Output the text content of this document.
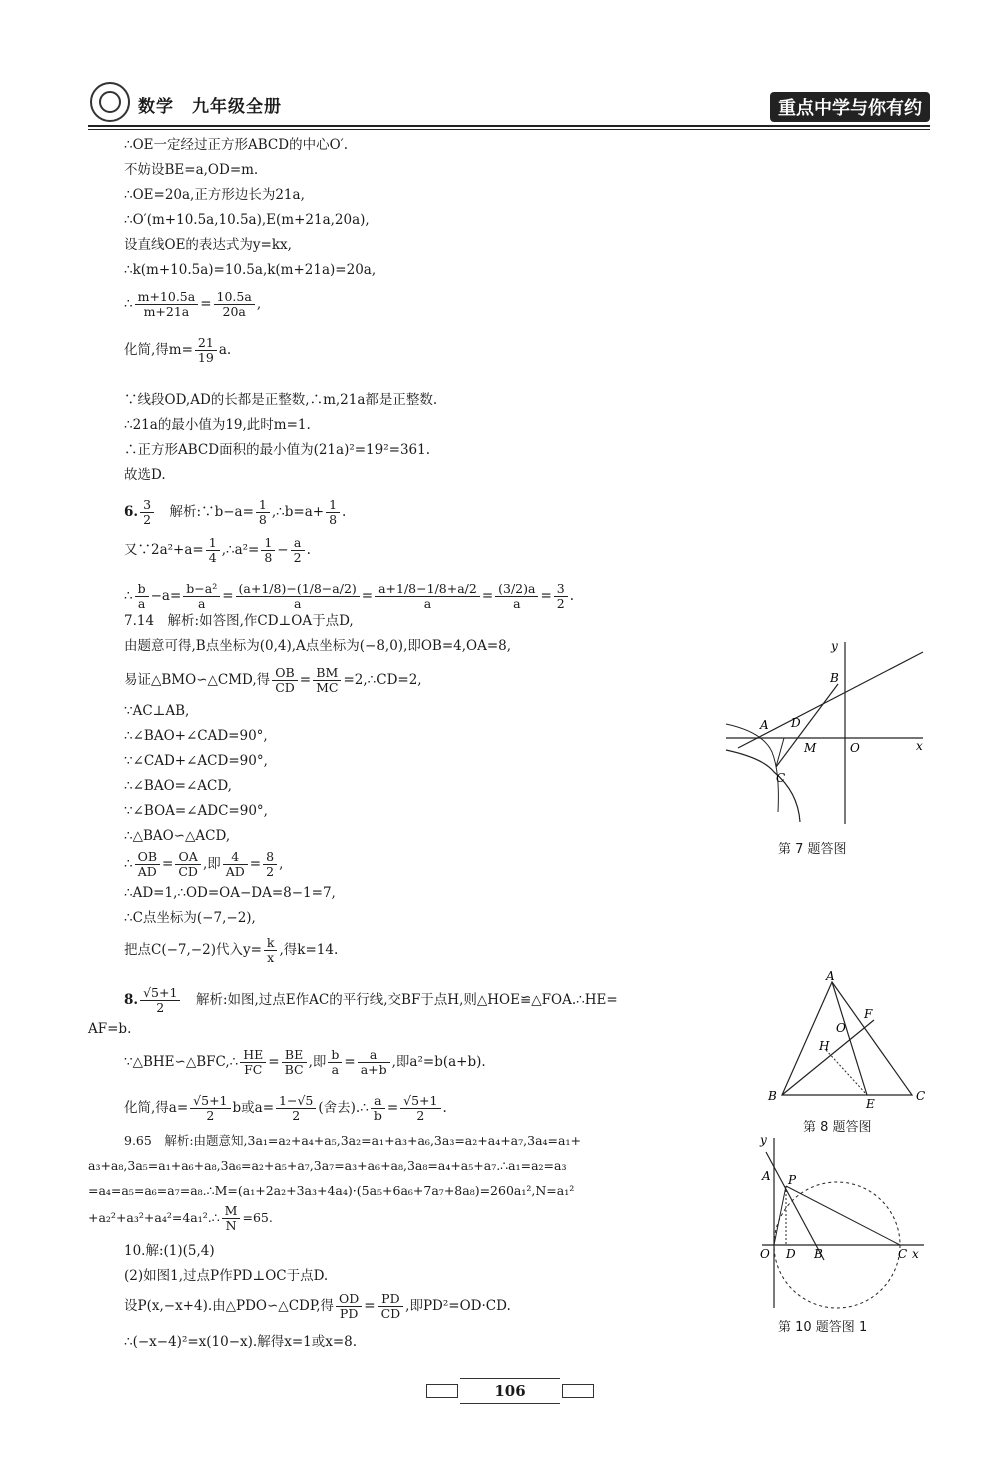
数学　九年级全册	重点中学与你有约
∴OE一定经过正方形ABCD的中心O′.
不妨设BE=a,OD=m.
∴OE=20a,正方形边长为21a,
∴O′(m+10.5a,10.5a),E(m+21a,20a),
设直线OE的表达式为y=kx,
∴k(m+10.5a)=10.5a,k(m+21a)=20a,
∴ $\frac{m+10.5a}{m+21a} = \frac{10.5a}{20a}$ ,
化简,得$m= \frac{21}{19} a$.
∵线段OD,AD的长都是正整数,∴m,21a都是正整数.
∴21a的最小值为19,此时m=1.
∴正方形ABCD面积的最小值为(21a)²=19²=361.
故选D.
6. $\frac{3}{2}$
　 解析:∵b−a= $\frac{1}{8}$ ,∴b=a+ $\frac{1}{8}$ .
又∵2a²+a= $\frac{1}{4}$ ,∴a²= $\frac{1}{8} - \frac{a}{2}$ .
∴ $\frac{b}{a} -a= \frac{\text{b−a²}}{a} = \frac{(a+1/8)-(1/8-a/2)}{a} = \frac{a+1/8-1/8+a/2}{a} = \frac{(3/2)a}{a} = \frac{3}{2}$ .
7.14　解析:如答图,作CD⊥OA于点D,
由题意可得,B点坐标为(0,4),A点坐标为(−8,0),即OB=4,OA=8,
易证△BMO∽△CMD,得 $\frac{OB}{CD} = \frac{BM}{MC}$ =2,∴CD=2,
∵AC⊥AB,
∴∠BAO+∠CAD=90°,
∵∠CAD+∠ACD=90°,
∴∠BAO=∠ACD,
∵∠BOA=∠ADC=90°,
∴△BAO∽△ACD,
∴ $\frac{OB}{AD} = \frac{OA}{CD}$ ,即 $\frac{4}{AD} = \frac{8}{2}$ ,
∴AD=1,∴OD=OA−DA=8−1=7,
∴C点坐标为(−7,−2),
把点C(−7,−2)代入$y= \frac{k}{x}$ ,得k=14.
8. $\frac{√5+1}{2}$
　 解析:如图,过点E作AC的平行线,交BF于点H,则△HOE≌△FOA.∴HE=
AF=b.
∵△BHE∽△BFC,∴ $\frac{HE}{FC} = \frac{BE}{BC}$ ,即 $\frac{b}{a} = \frac{a}{a+b}$ ,即a²=b(a+b).
化简,得$a= \frac{√5+1}{2}$ b或$a= \frac{1-√5}{2}$ (舍去).∴ $\frac{a}{b} = \frac{√5+1}{2}$ .
9.65　解析:由题意知,3a₁=a₂+a₄+a₅,3a₂=a₁+a₃+a₆,3a₃=a₂+a₄+a₇,3a₄=a₁+
a₃+a₈,3a₅=a₁+a₆+a₈,3a₆=a₂+a₅+a₇,3a₇=a₃+a₆+a₈,3a₈=a₄+a₅+a₇.∴a₁=a₂=a₃
=a₄=a₅=a₆=a₇=a₈.∴M=(a₁+2a₂+3a₃+4a₄)·(5a₅+6a₆+7a₇+8a₈)=260a₁²,N=a₁²
+a₂²+a₃²+a₄²=4a₁².∴ $\frac{M}{N} =65$.
10.解:(1)(5,4)
(2)如图1,过点P作PD⊥OC于点D.
设P(x,−x+4).由△PDO∽△CDP,得 $\frac{OD}{PD} = \frac{PD}{CD}$ ,即PD²=OD·CD.
∴(−x−4)²=x(10−x).解得x=1或x=8.
y
B
A D
M	O	x
C
第 7 题答图
A
F
O
H
B
E
C
第 8 题答图
y
A P
O D B	C x
第 10 题答图 1
106
